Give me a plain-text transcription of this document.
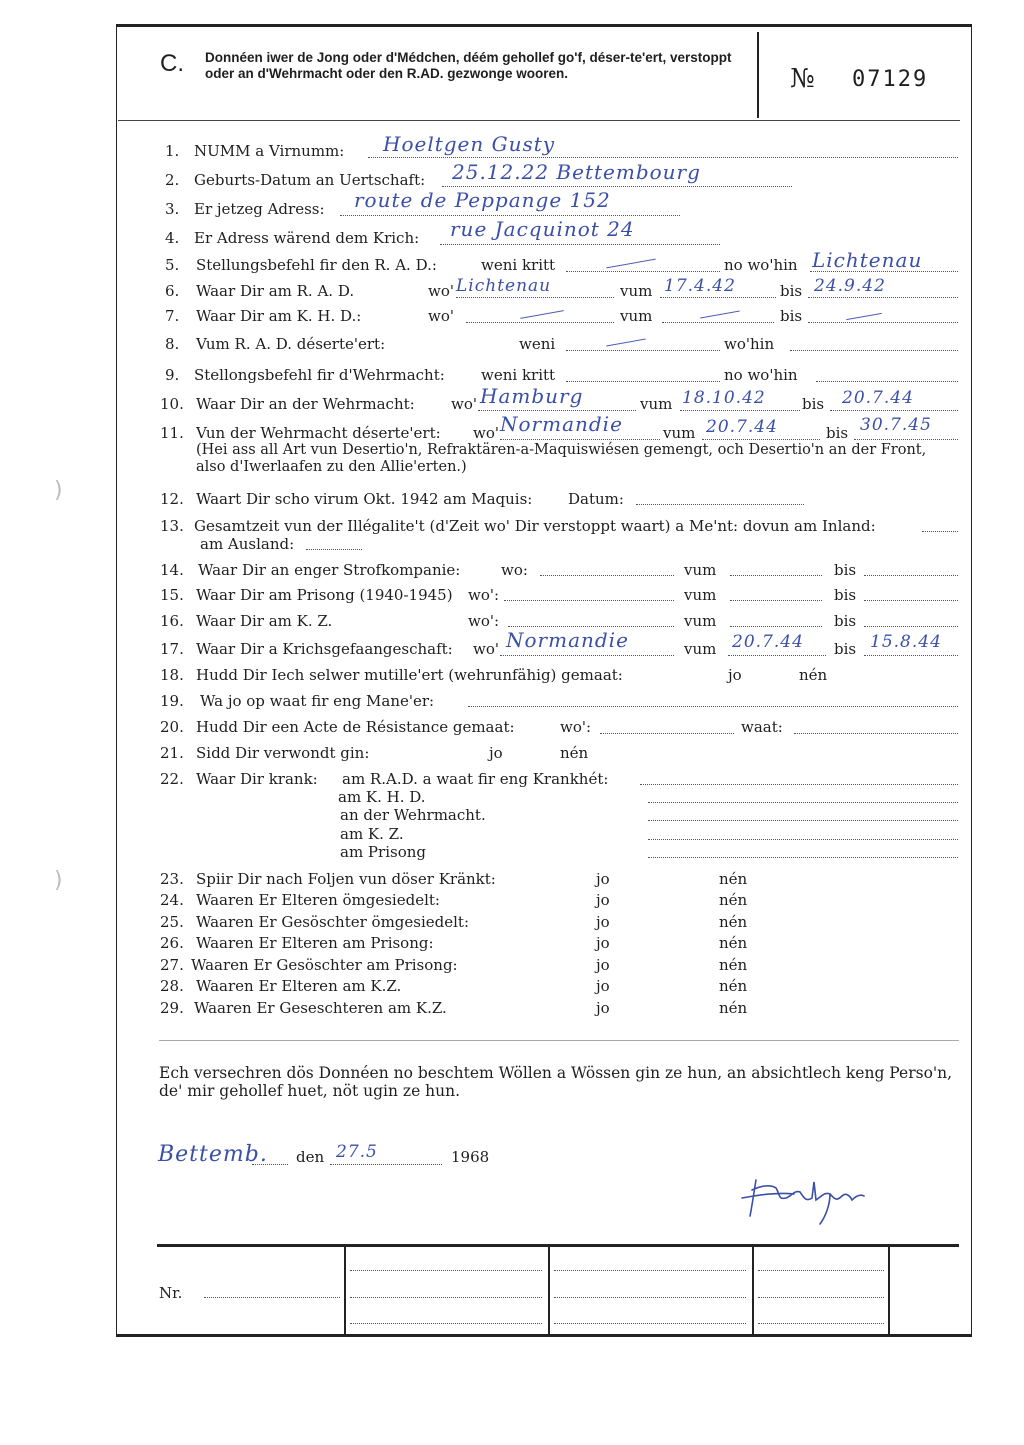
C. Donnéen iwer de Jong oder d'Médchen, déém gehollef go'f, déser-te'ert, verstoppt oder an d'Wehrmacht oder den R.AD. gezwonge wooren.	№ 07129
1. NUMM a Virnumm: Hoeltgen Gusty
2. Geburts-Datum an Uertschaft: 25.12.22 Bettembourg
3. Er jetzeg Adress: route de Peppange 152
4. Er Adress wärend dem Krich: rue Jacquinot 24
5. Stellungsbefehl fir den R. A. D.:	weni kritt	no wo'hin Lichtenau
6. Waar Dir am R. A. D.	wo' Lichtenau	vum 17.4.42	bis 24.9.42
7. Waar Dir am K. H. D.:	wo'	vum	bis
8. Vum R. A. D. déserte'ert:	weni	wo'hin
9. Stellongsbefehl fir d'Wehrmacht: weni kritt	no wo'hin
10. Waar Dir an der Wehrmacht: wo' Hamburg	vum 18.10.42 bis 20.7.44
11. Vun der Wehrmacht déserte'ert: wo' Normandie	vum 20.7.44	bis 30.7.45
(Hei ass all Art vun Desertio'n, Refraktären-a-Maquiswiésen gemengt, och Desertio'n an der Front, also d'Iwerlaafen zu den Allie'erten.)
12. Waart Dir scho virum Okt. 1942 am Maquis: Datum:
13. Gesamtzeit vun der Illégalite't (d'Zeit wo' Dir verstoppt waart) a Me'nt: dovun am Inland:
am Ausland:
14. Waar Dir an enger Strofkompanie:	wo:	vum	bis
15. Waar Dir am Prisong (1940-1945) wo':	vum	bis
16. Waar Dir am K. Z.	wo':	vum	bis
17. Waar Dir a Krichsgefaangeschaft: wo' Normandie	vum 20.7.44 bis 15.8.44
18. Hudd Dir Iech selwer mutille'ert (wehrunfähig) gemaat:	jo	nén
19. Wa jo op waat fir eng Mane'er:
20. Hudd Dir een Acte de Résistance gemaat:	wo':	waat:
21. Sidd Dir verwondt gin:	jo	nén
22. Waar Dir krank: am R.A.D. a waat fir eng Krankhét:
am K. H. D.
an der Wehrmacht.
am K. Z.
am Prisong
23. Spiir Dir nach Foljen vun döser Kränkt:	jo	nén
24. Waaren Er Elteren ömgesiedelt:	jo	nén
25. Waaren Er Gesöschter ömgesiedelt:	jo	nén
26. Waaren Er Elteren am Prisong:	jo	nén
27. Waaren Er Gesöschter am Prisong:	jo	nén
28. Waaren Er Elteren am K.Z.	jo	nén
29. Waaren Er Geseschteren am K.Z.	jo	nén
Ech versechren dös Donnéen no beschtem Wöllen a Wössen gin ze hun, an absichtlech keng Perso'n, de' mir gehollef huet, nöt ugin ze hun.
Bettemb. den 27.5	1968
Nr.
)
)
